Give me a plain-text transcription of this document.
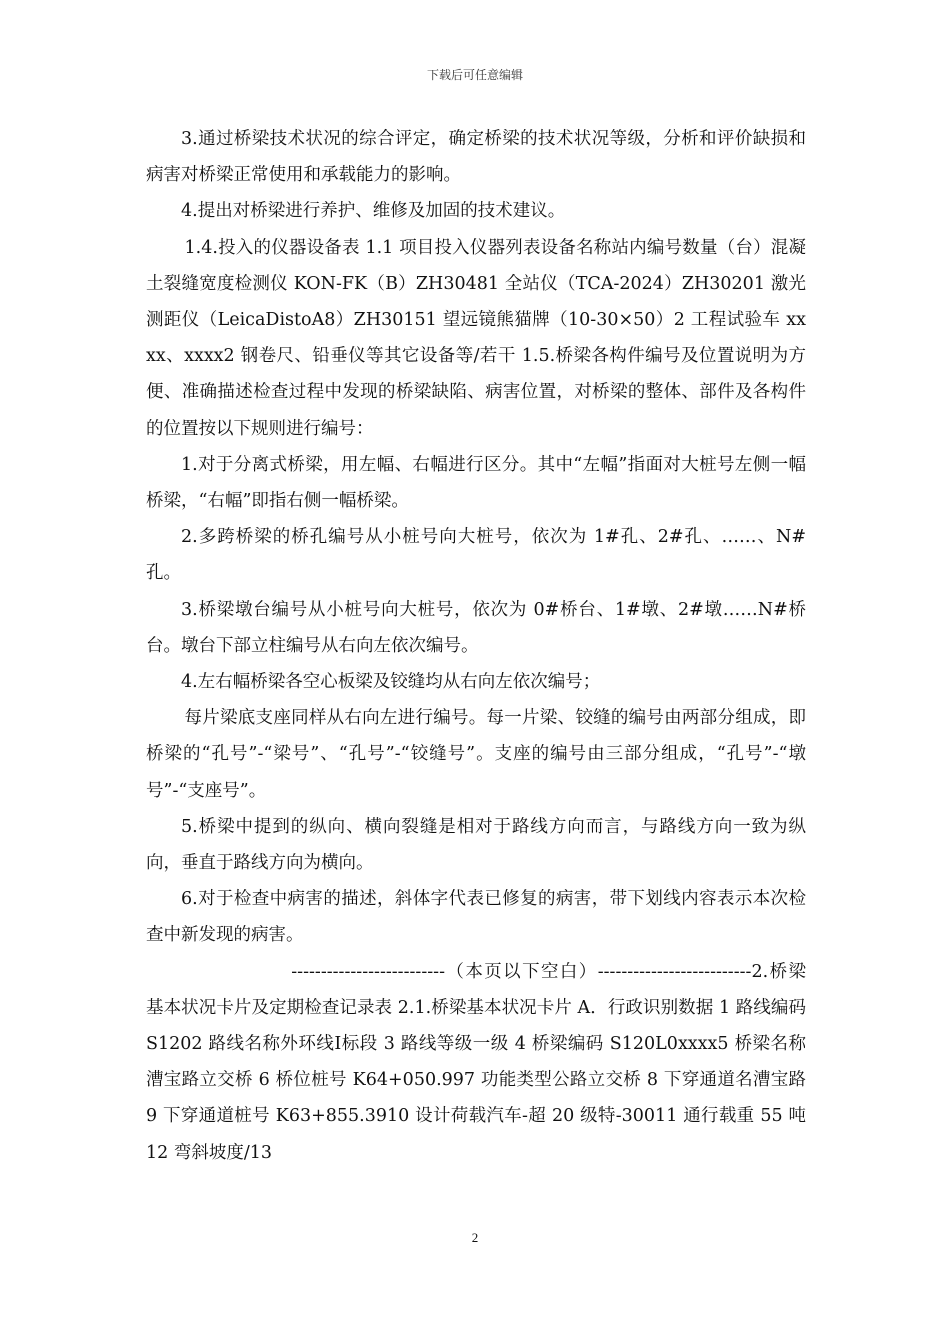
下载后可任意编辑

3.通过桥梁技术状况的综合评定，确定桥梁的技术状况等级，分析和评价缺损和病害对桥梁正常使用和承载能力的影响。

4.提出对桥梁进行养护、维修及加固的技术建议。

1.4.投入的仪器设备表 1.1 项目投入仪器列表设备名称站内编号数量（台）混凝土裂缝宽度检测仪 KON-FK（B）ZH30481 全站仪（TCA-2024）ZH30201 激光测距仪（LeicaDistoA8）ZH30151 望远镜熊猫牌（10-30×50）2 工程试验车 xxxx、xxxx2 钢卷尺、铅垂仪等其它设备等/若干 1.5.桥梁各构件编号及位置说明为方便、准确描述检查过程中发现的桥梁缺陷、病害位置，对桥梁的整体、部件及各构件的位置按以下规则进行编号：

1.对于分离式桥梁，用左幅、右幅进行区分。其中“左幅”指面对大桩号左侧一幅桥梁，“右幅”即指右侧一幅桥梁。

2.多跨桥梁的桥孔编号从小桩号向大桩号，依次为 1#孔、2#孔、……、N#孔。

3.桥梁墩台编号从小桩号向大桩号，依次为 0#桥台、1#墩、2#墩……N#桥台。墩台下部立柱编号从右向左依次编号。

4.左右幅桥梁各空心板梁及铰缝均从右向左依次编号；

每片梁底支座同样从右向左进行编号。每一片梁、铰缝的编号由两部分组成，即桥梁的“孔号”-“梁号”、“孔号”-“铰缝号”。支座的编号由三部分组成，“孔号”-“墩号”-“支座号”。

5.桥梁中提到的纵向、横向裂缝是相对于路线方向而言，与路线方向一致为纵向，垂直于路线方向为横向。

6.对于检查中病害的描述，斜体字代表已修复的病害，带下划线内容表示本次检查中新发现的病害。

--------------------------（本页以下空白）--------------------------2.桥梁基本状况卡片及定期检查记录表 2.1.桥梁基本状况卡片 A．行政识别数据 1 路线编码 S1202 路线名称外环线Ⅰ标段 3 路线等级一级 4 桥梁编码 S120L0xxxx5 桥梁名称漕宝路立交桥 6 桥位桩号 K64+050.997 功能类型公路立交桥 8 下穿通道名漕宝路 9 下穿通道桩号 K63+855.3910 设计荷载汽车-超 20 级特-30011 通行载重 55 吨 12 弯斜坡度/13

2
